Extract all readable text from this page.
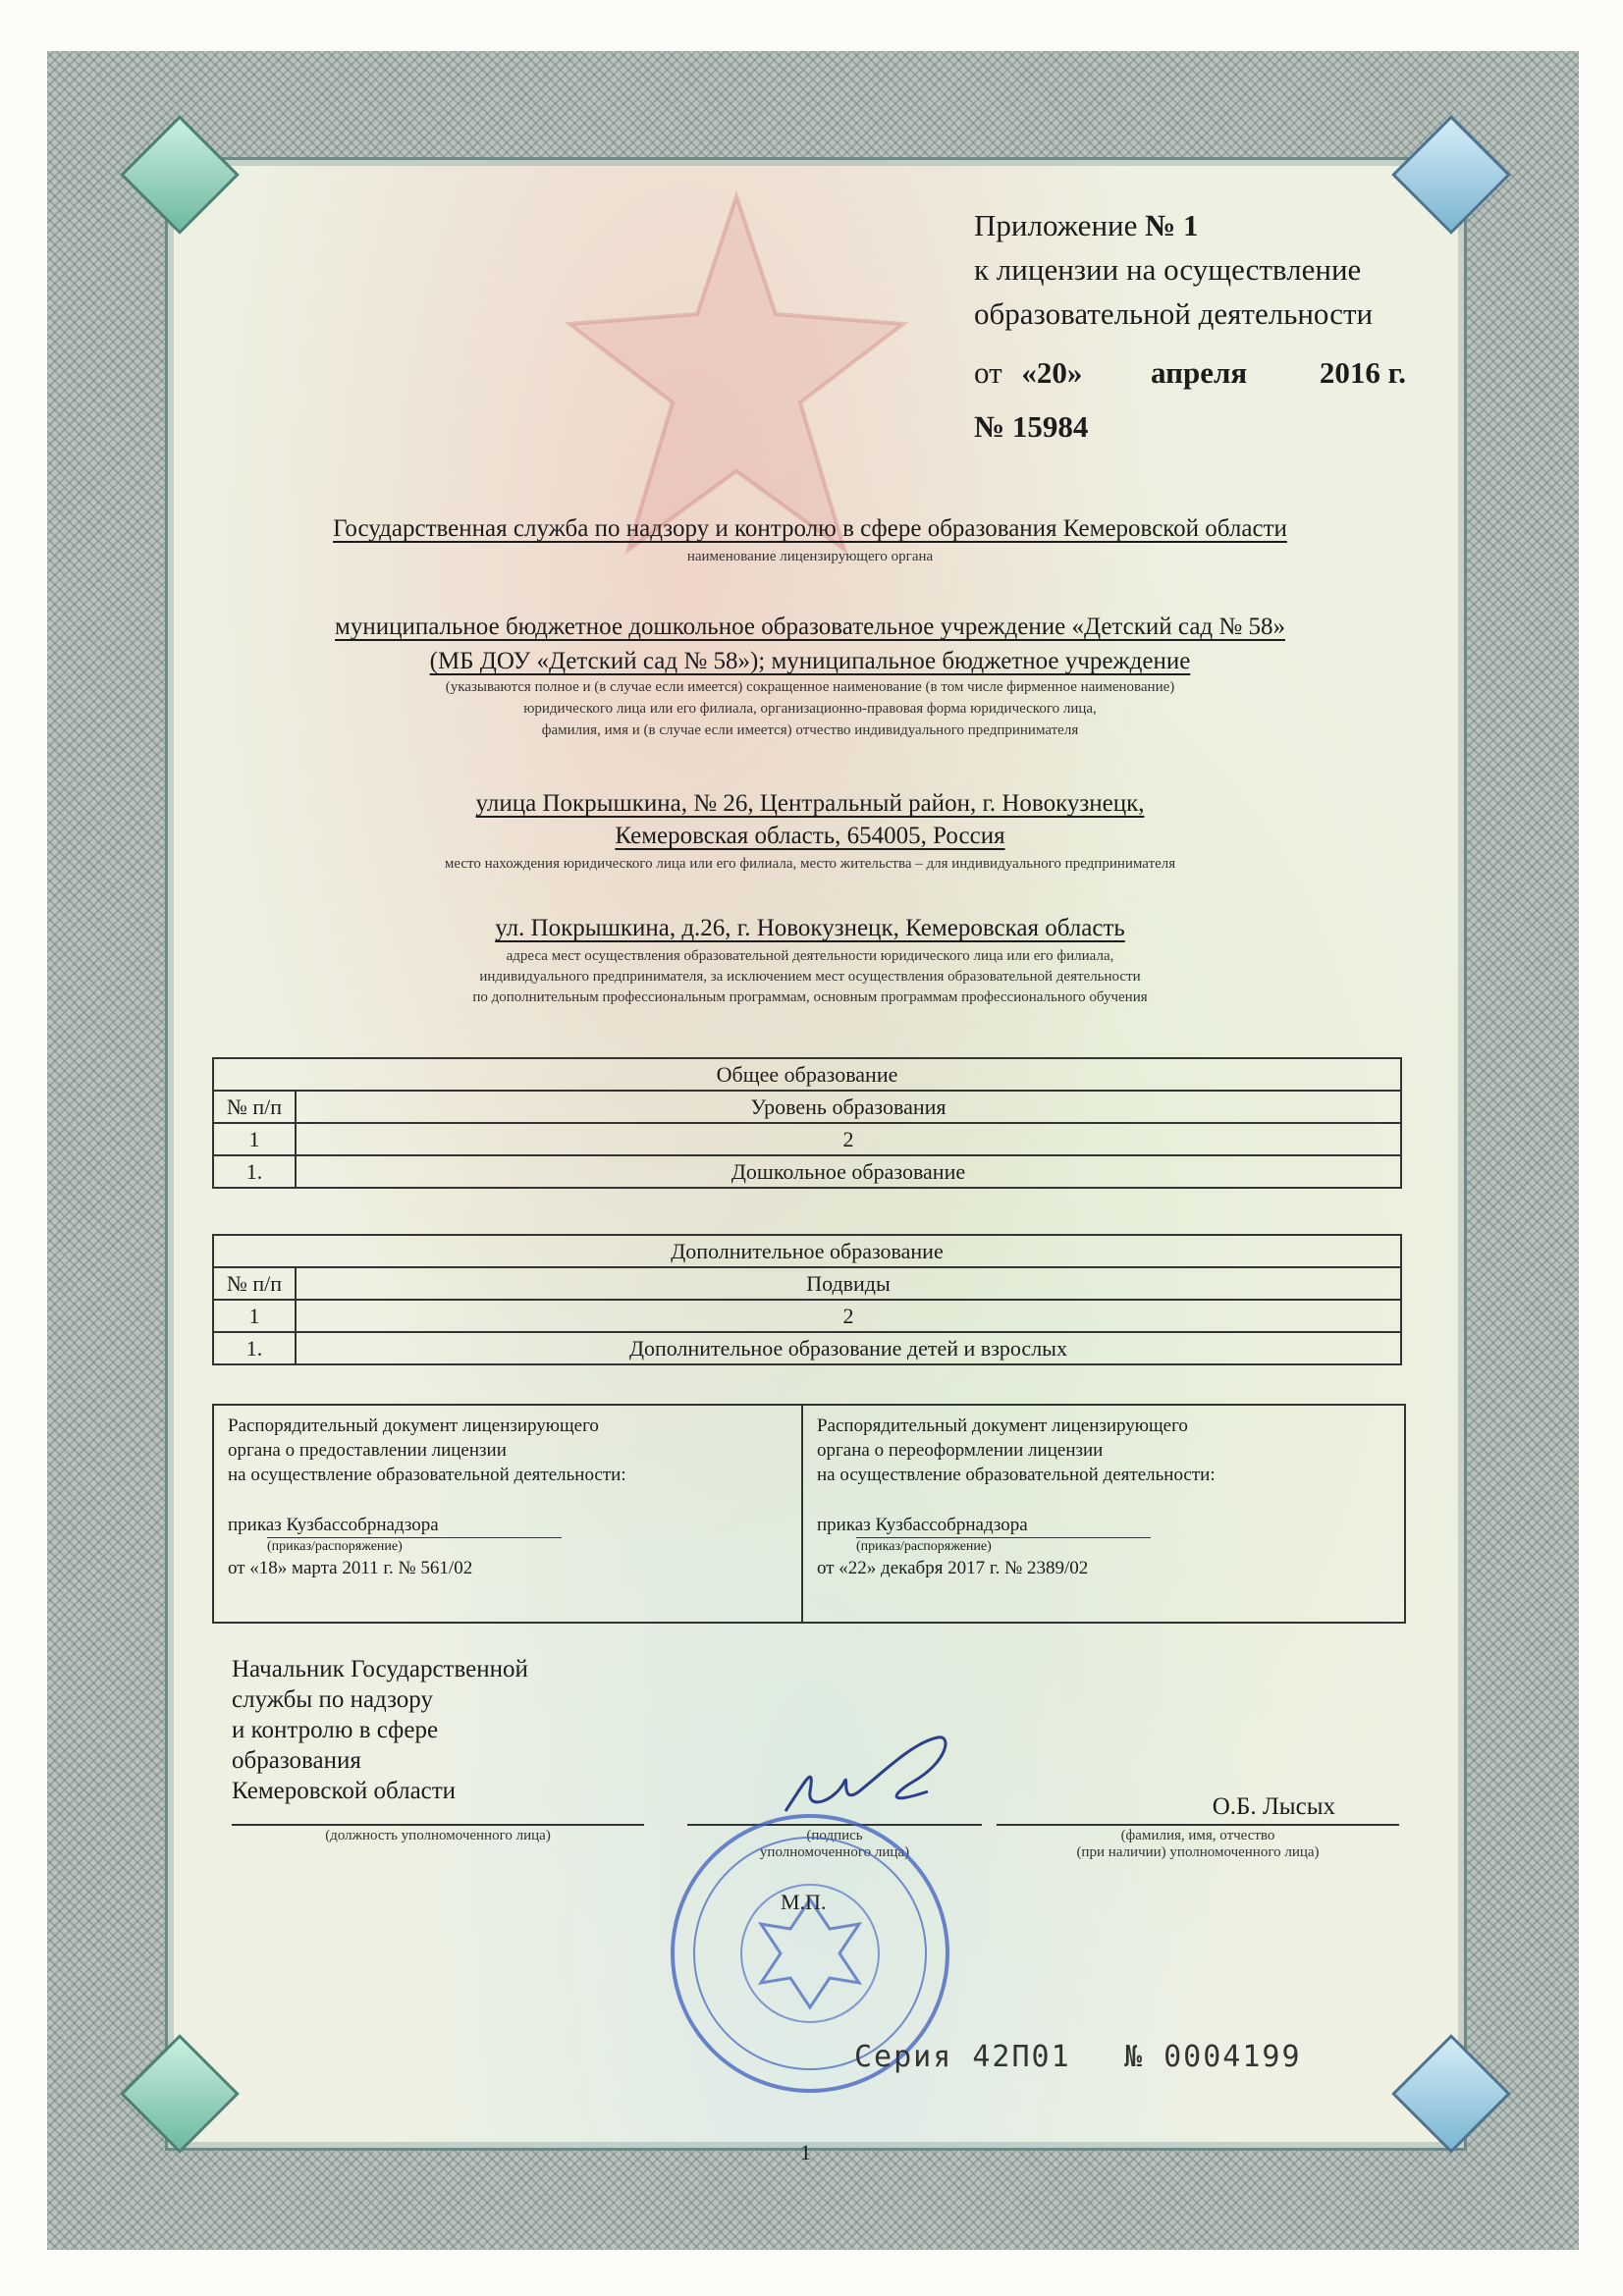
Приложение № 1
к лицензии на осуществление
образовательной деятельности
от «20» апреля 2016 г.
№ 15984
Государственная служба по надзору и контролю в сфере образования Кемеровской области
наименование лицензирующего органа
муниципальное бюджетное дошкольное образовательное учреждение «Детский сад № 58»
(МБ ДОУ «Детский сад № 58»); муниципальное бюджетное учреждение
(указываются полное и (в случае если имеется) сокращенное наименование (в том числе фирменное наименование)
юридического лица или его филиала, организационно-правовая форма юридического лица,
фамилия, имя и (в случае если имеется) отчество индивидуального предпринимателя
улица Покрышкина, № 26, Центральный район, г. Новокузнецк,
Кемеровская область, 654005, Россия
место нахождения юридического лица или его филиала, место жительства – для индивидуального предпринимателя
ул. Покрышкина, д.26, г. Новокузнецк, Кемеровская область
адреса мест осуществления образовательной деятельности юридического лица или его филиала,
индивидуального предпринимателя, за исключением мест осуществления образовательной деятельности
по дополнительным профессиональным программам, основным программам профессионального обучения
Общее образование	
№ п/п	Уровень образования
1	2
1.	Дошкольное образование
Дополнительное образование	
№ п/п	Подвиды
1	2
1.	Дополнительное образование детей и взрослых
Распорядительный документ лицензирующего
органа о предоставлении лицензии
на осуществление образовательной деятельности:
приказ Кузбассобрнадзора
(приказ/распоряжение)
от «18» марта 2011 г. № 561/02
Распорядительный документ лицензирующего
органа о переоформлении лицензии
на осуществление образовательной деятельности:
приказ Кузбассобрнадзора
(приказ/распоряжение)
от «22» декабря 2017 г. № 2389/02
Начальник Государственной
службы по надзору
и контролю в сфере
образования
Кемеровской области
(должность уполномоченного лица)	(подпись
уполномоченного лица)
О.Б. Лысых
(фамилия, имя, отчество
(при наличии) уполномоченного лица)
М.П.
Серия 42П01 № 0004199
1
